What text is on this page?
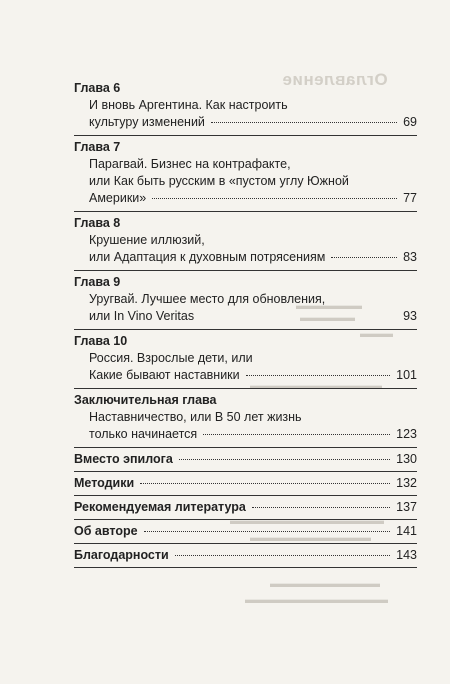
Оглавление
▬▬▬▬▬▬
▬▬▬▬▬
▬▬▬
▬▬▬▬▬▬▬▬▬▬▬▬
▬▬▬▬▬▬▬▬▬▬▬▬▬▬
▬▬▬▬▬▬▬▬▬▬▬
▬▬▬▬▬▬▬▬▬▬
▬▬▬▬▬▬▬▬▬▬▬▬▬
Глава 6
И вновь Аргентина. Как настроить
культуру изменений	69
Глава 7
Парагвай. Бизнес на контрафакте,
или Как быть русским в «пустом углу Южной
Америки»	77
Глава 8
Крушение иллюзий,
или Адаптация к духовным потрясениям	83
Глава 9
Уругвай. Лучшее место для обновления,
или In Vino Veritas	93
Глава 10
Россия. Взрослые дети, или
Какие бывают наставники	101
Заключительная глава
Наставничество, или В 50 лет жизнь
только начинается	123
Вместо эпилога	130
Методики	132
Рекомендуемая литература	137
Об авторе	141
Благодарности	143
